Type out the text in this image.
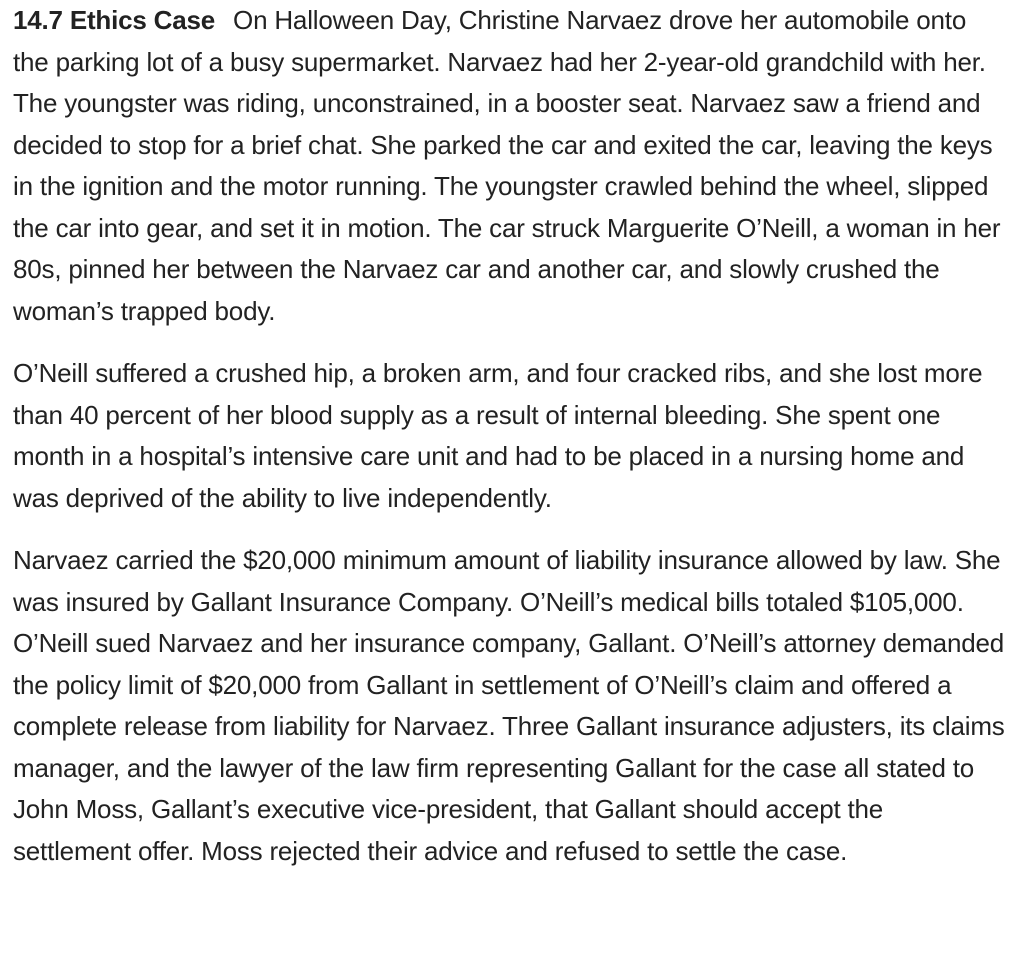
14.7 Ethics Case On Halloween Day, Christine Narvaez drove her automobile onto the parking lot of a busy supermarket. Narvaez had her 2-year-old grandchild with her. The youngster was riding, unconstrained, in a booster seat. Narvaez saw a friend and decided to stop for a brief chat. She parked the car and exited the car, leaving the keys in the ignition and the motor running. The youngster crawled behind the wheel, slipped the car into gear, and set it in motion. The car struck Marguerite O’Neill, a woman in her 80s, pinned her between the Narvaez car and another car, and slowly crushed the woman’s trapped body.

O’Neill suffered a crushed hip, a broken arm, and four cracked ribs, and she lost more than 40 percent of her blood supply as a result of internal bleeding. She spent one month in a hospital’s intensive care unit and had to be placed in a nursing home and was deprived of the ability to live independently.

Narvaez carried the $20,000 minimum amount of liability insurance allowed by law. She was insured by Gallant Insurance Company. O’Neill’s medical bills totaled $105,000. O’Neill sued Narvaez and her insurance company, Gallant. O’Neill’s attorney demanded the policy limit of $20,000 from Gallant in settlement of O’Neill’s claim and offered a complete release from liability for Narvaez. Three Gallant insurance adjusters, its claims manager, and the lawyer of the law firm representing Gallant for the case all stated to John Moss, Gallant’s executive vice-president, that Gallant should accept the settlement offer. Moss rejected their advice and refused to settle the case.
